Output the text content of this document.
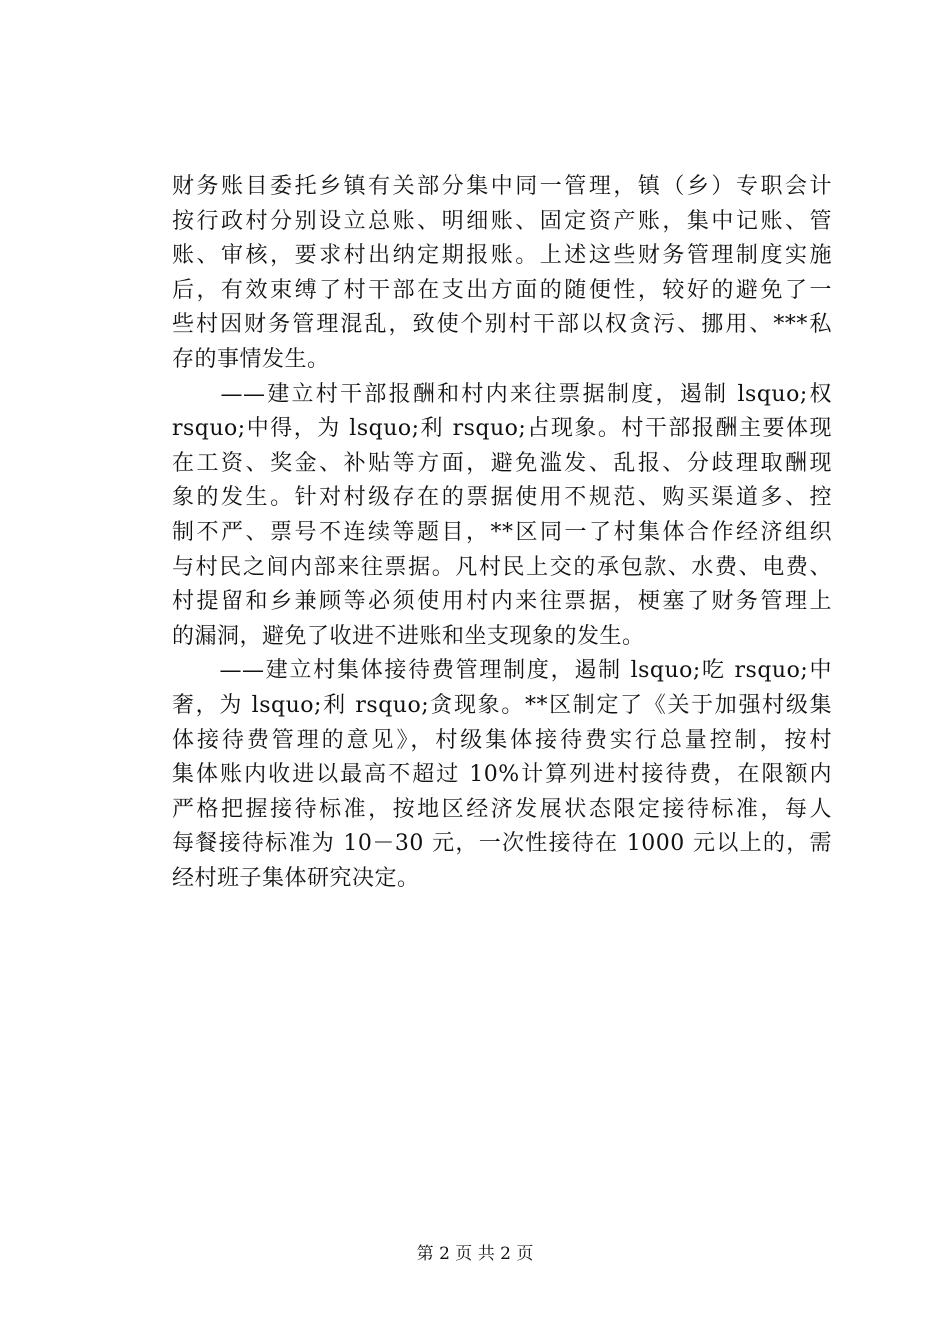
财务账目委托乡镇有关部分集中同一管理，镇（乡）专职会计
按行政村分别设立总账、明细账、固定资产账，集中记账、管
账、审核，要求村出纳定期报账。上述这些财务管理制度实施
后，有效束缚了村干部在支出方面的随便性，较好的避免了一
些村因财务管理混乱，致使个别村干部以权贪污、挪用、***私
存的事情发生。
　　——建立村干部报酬和村内来往票据制度，遏制 lsquo;权
rsquo;中得，为 lsquo;利 rsquo;占现象。村干部报酬主要体现
在工资、奖金、补贴等方面，避免滥发、乱报、分歧理取酬现
象的发生。针对村级存在的票据使用不规范、购买渠道多、控
制不严、票号不连续等题目，**区同一了村集体合作经济组织
与村民之间内部来往票据。凡村民上交的承包款、水费、电费、
村提留和乡兼顾等必须使用村内来往票据，梗塞了财务管理上
的漏洞，避免了收进不进账和坐支现象的发生。
　　——建立村集体接待费管理制度，遏制 lsquo;吃 rsquo;中
奢，为 lsquo;利 rsquo;贪现象。**区制定了《关于加强村级集
体接待费管理的意见》，村级集体接待费实行总量控制，按村
集体账内收进以最高不超过 10%计算列进村接待费，在限额内
严格把握接待标准，按地区经济发展状态限定接待标准，每人
每餐接待标准为 10－30 元，一次性接待在 1000 元以上的，需
经村班子集体研究决定。
第 2 页 共 2 页
